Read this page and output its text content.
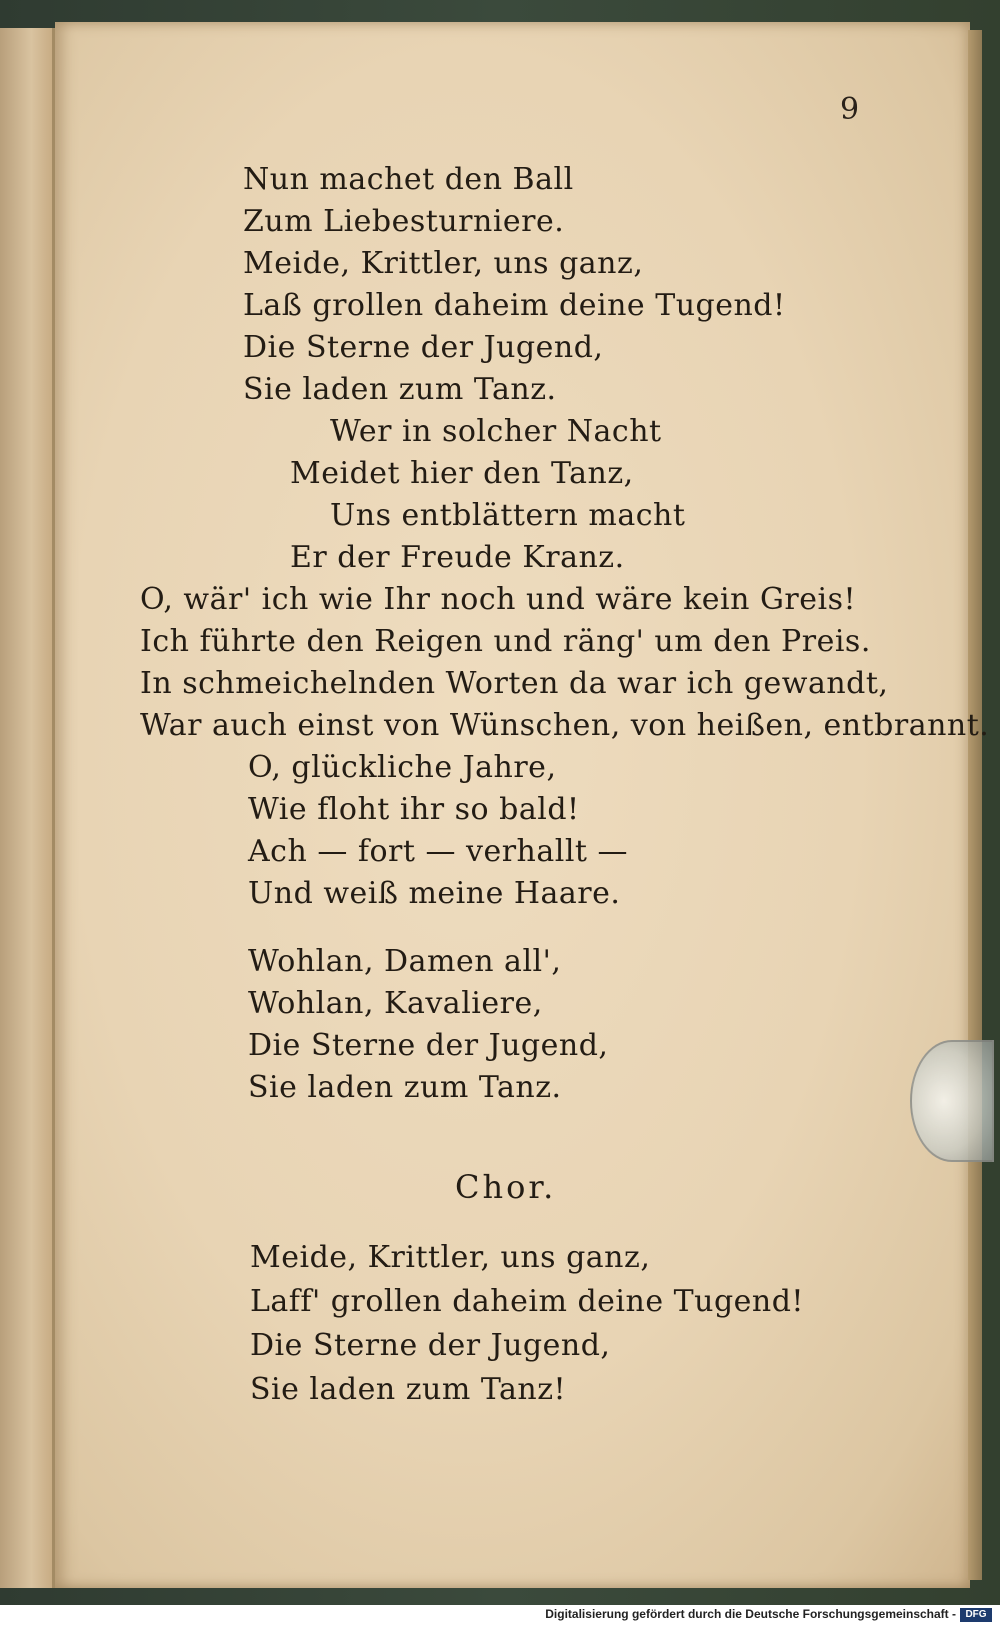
9
Nun machet den Ball
Zum Liebesturniere.
Meide, Krittler, uns ganz,
Laß grollen daheim deine Tugend!
Die Sterne der Jugend,
Sie laden zum Tanz.
Wer in solcher Nacht
Meidet hier den Tanz,
Uns entblättern macht
Er der Freude Kranz.
O, wär' ich wie Ihr noch und wäre kein Greis!
Ich führte den Reigen und räng' um den Preis.
In schmeichelnden Worten da war ich gewandt,
War auch einst von Wünschen, von heißen, entbrannt.
O, glückliche Jahre,
Wie floht ihr so bald!
Ach — fort — verhallt —
Und weiß meine Haare.
Wohlan, Damen all',
Wohlan, Kavaliere,
Die Sterne der Jugend,
Sie laden zum Tanz.
Chor.
Meide, Krittler, uns ganz,
Laff' grollen daheim deine Tugend!
Die Sterne der Jugend,
Sie laden zum Tanz!
Digitalisierung gefördert durch die Deutsche Forschungsgemeinschaft - DFG
